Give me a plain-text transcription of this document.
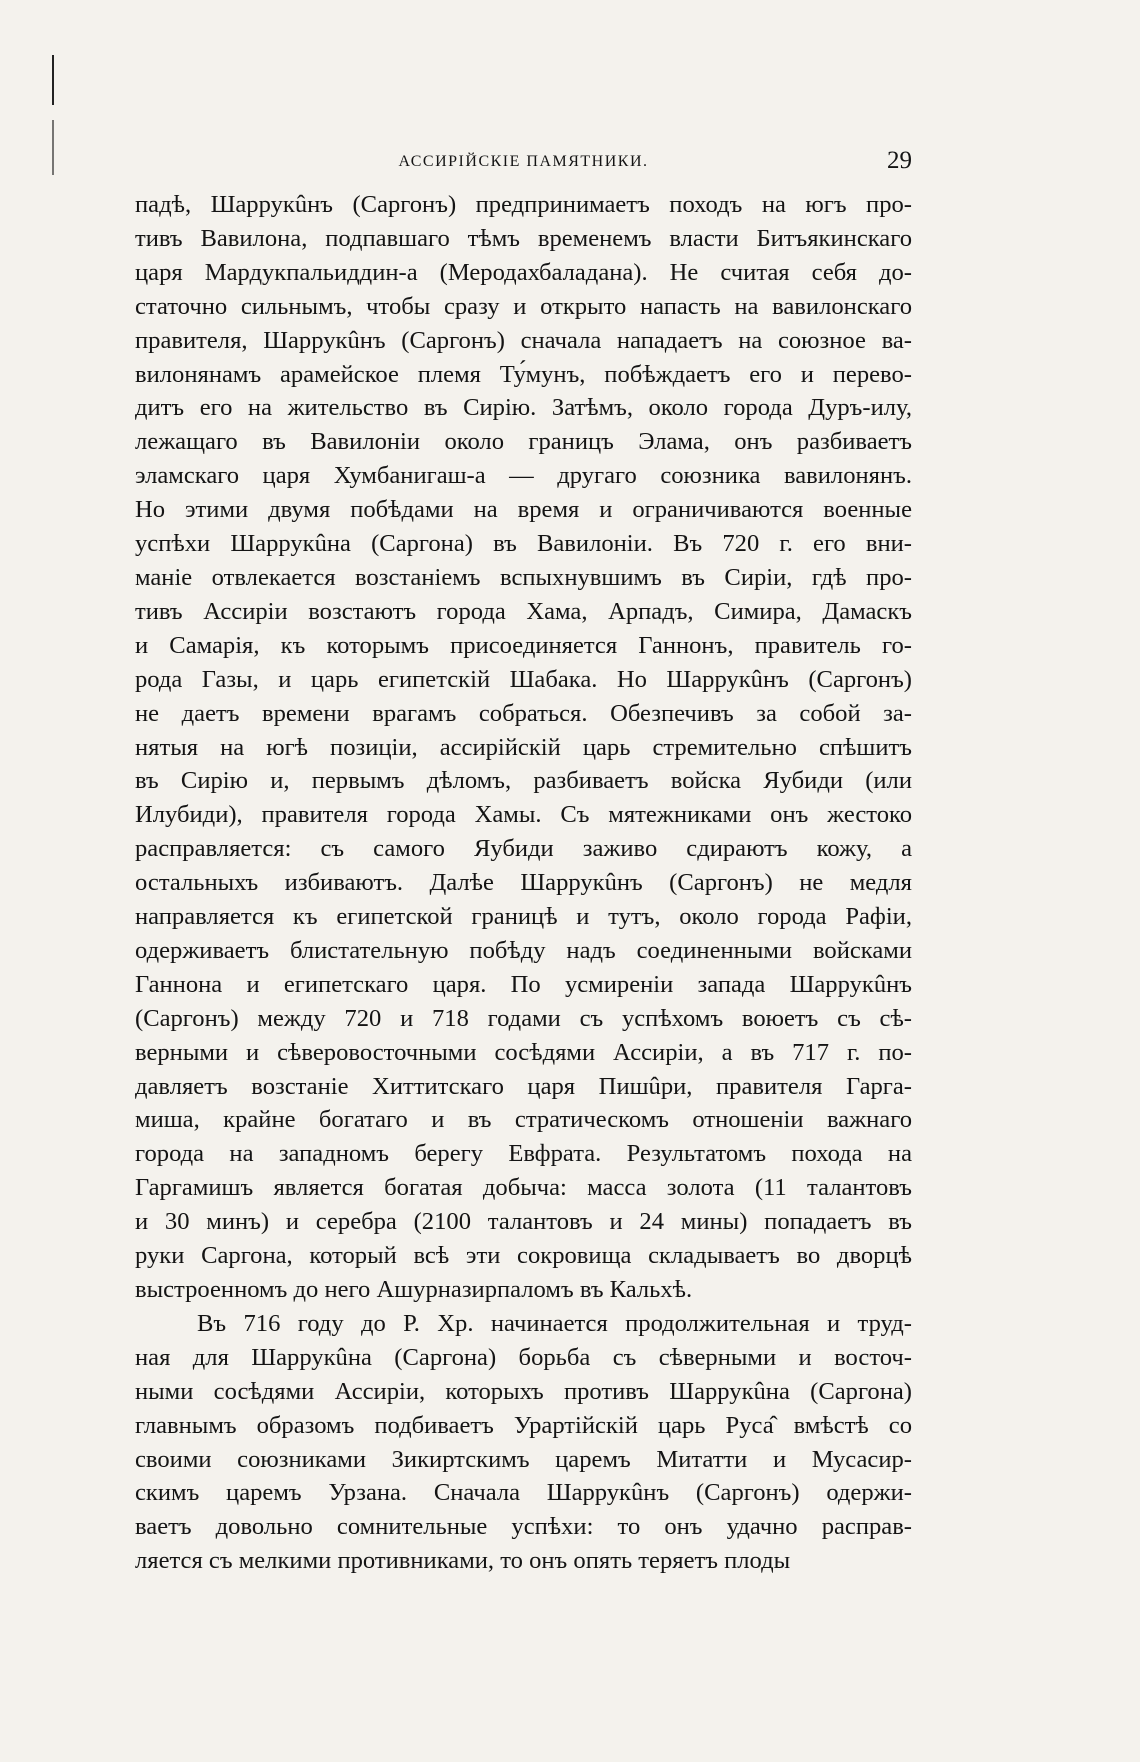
АССИРІЙСКІЕ ПАМЯТНИКИ.	29
падѣ, Шаррукûнъ (Саргонъ) предпринимаетъ походъ на югъ про-
тивъ Вавилона, подпавшаго тѣмъ временемъ власти Битъякинскаго
царя Мардукпальиддин-а (Меродахбаладана). Не считая себя до-
статочно сильнымъ, чтобы сразу и открыто напасть на вавилонскаго
правителя, Шаррукûнъ (Саргонъ) сначала нападаетъ на союзное ва-
вилонянамъ арамейское племя Ту́мунъ, побѣждаетъ его и перево-
дитъ его на жительство въ Сирію. Затѣмъ, около города Дуръ-илу,
лежащаго въ Вавилоніи около границъ Элама, онъ разбиваетъ
эламскаго царя Хумбанигаш-а — другаго союзника вавилонянъ.
Но этими двумя побѣдами на время и ограничиваются военные
успѣхи Шаррукûна (Саргона) въ Вавилоніи. Въ 720 г. его вни-
маніе отвлекается возстаніемъ вспыхнувшимъ въ Сиріи, гдѣ про-
тивъ Ассиріи возстаютъ города Хама, Арпадъ, Симира, Дамаскъ
и Самарія, къ которымъ присоединяется Ганнонъ, правитель го-
рода Газы, и царь египетскій Шабака. Но Шаррукûнъ (Саргонъ)
не даетъ времени врагамъ собраться. Обезпечивъ за собой за-
нятыя на югѣ позиціи, ассирійскій царь стремительно спѣшитъ
въ Сирію и, первымъ дѣломъ, разбиваетъ войска Яубиди (или
Илубиди), правителя города Хамы. Съ мятежниками онъ жестоко
расправляется: съ самого Яубиди заживо сдираютъ кожу, а
остальныхъ избиваютъ. Далѣе Шаррукûнъ (Саргонъ) не медля
направляется къ египетской границѣ и тутъ, около города Рафіи,
одерживаетъ блистательную побѣду надъ соединенными войсками
Ганнона и египетскаго царя. По усмиреніи запада Шаррукûнъ
(Саргонъ) между 720 и 718 годами съ успѣхомъ воюетъ съ сѣ-
верными и сѣверовосточными сосѣдями Ассиріи, а въ 717 г. по-
давляетъ возстаніе Хиттитскаго царя Пишûри, правителя Гарга-
миша, крайне богатаго и въ стратическомъ отношеніи важнаго
города на западномъ берегу Евфрата. Результатомъ похода на
Гаргамишъ является богатая добыча: масса золота (11 талантовъ
и 30 минъ) и серебра (2100 талантовъ и 24 мины) попадаетъ въ
руки Саргона, который всѣ эти сокровища складываетъ во дворцѣ
выстроенномъ до него Ашурназирпаломъ въ Кальхѣ.
Въ 716 году до Р. Хр. начинается продолжительная и труд-
ная для Шаррукûна (Саргона) борьба съ сѣверными и восточ-
ными сосѣдями Ассиріи, которыхъ противъ Шаррукûна (Саргона)
главнымъ образомъ подбиваетъ Урартійскій царь Руса̂ вмѣстѣ со
своими союзниками Зикиртскимъ царемъ Митатти и Мусасир-
скимъ царемъ Урзана. Сначала Шаррукûнъ (Саргонъ) одержи-
ваетъ довольно сомнительные успѣхи: то онъ удачно расправ-
ляется съ мелкими противниками, то онъ опять теряетъ плоды
